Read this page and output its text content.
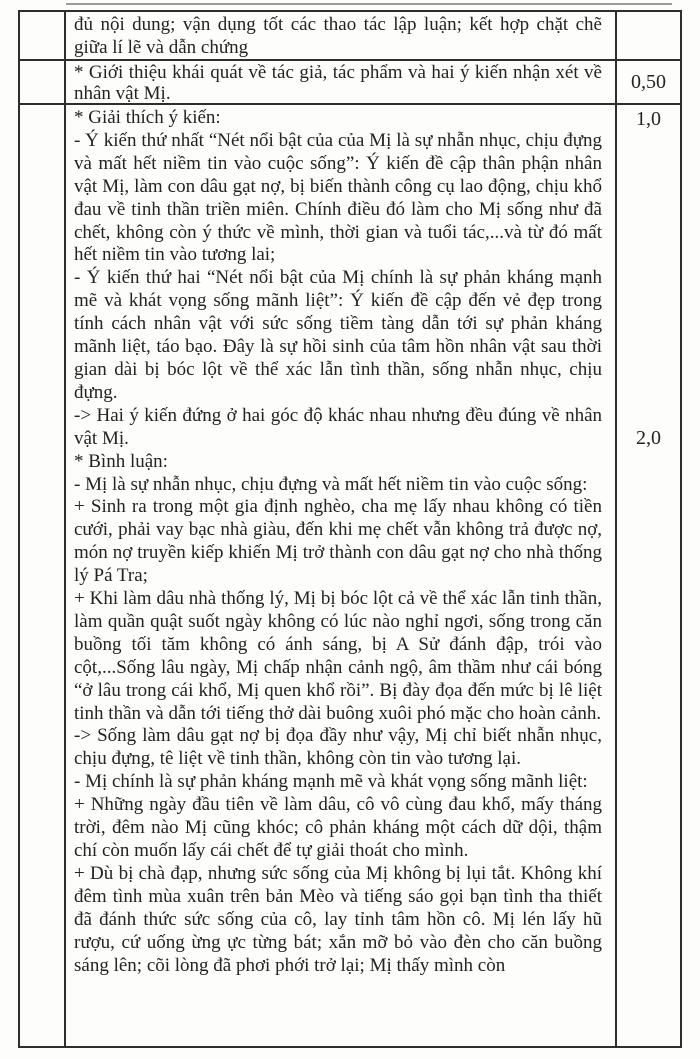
đủ nội dung; vận dụng tốt các thao tác lập luận; kết hợp chặt chẽ giữa lí lẽ và dẫn chứng

* Giới thiệu khái quát về tác giả, tác phẩm và hai ý kiến nhận xét về nhân vật Mị.

0,50

* Giải thích ý kiến:

- Ý kiến thứ nhất “Nét nổi bật của của Mị là sự nhẫn nhục, chịu đựng và mất hết niềm tin vào cuộc sống”: Ý kiến đề cập thân phận nhân vật Mị, làm con dâu gạt nợ, bị biến thành công cụ lao động, chịu khổ đau về tinh thần triền miên. Chính điều đó làm cho Mị sống như đã chết, không còn ý thức về mình, thời gian và tuổi tác,...và từ đó mất hết niềm tin vào tương lai;

- Ý kiến thứ hai “Nét nổi bật của Mị chính là sự phản kháng mạnh mẽ và khát vọng sống mãnh liệt”: Ý kiến đề cập đến vẻ đẹp trong tính cách nhân vật với sức sống tiềm tàng dẫn tới sự phản kháng mãnh liệt, táo bạo. Đây là sự hồi sinh của tâm hồn nhân vật sau thời gian dài bị bóc lột về thể xác lẫn tình thần, sống nhẫn nhục, chịu đựng.

-> Hai ý kiến đứng ở hai góc độ khác nhau nhưng đều đúng về nhân vật Mị.

* Bình luận:

- Mị là sự nhẫn nhục, chịu đựng và mất hết niềm tin vào cuộc sống:

+ Sinh ra trong một gia định nghèo, cha mẹ lấy nhau không có tiền cưới, phải vay bạc nhà giàu, đến khi mẹ chết vẫn không trả được nợ, món nợ truyền kiếp khiến Mị trở thành con dâu gạt nợ cho nhà thống lý Pá Tra;

+ Khi làm dâu nhà thống lý, Mị bị bóc lột cả về thể xác lẫn tinh thần, làm quần quật suốt ngày không có lúc nào nghỉ ngơi, sống trong căn buồng tối tăm không có ánh sáng, bị A Sử đánh đập, trói vào cột,...Sống lâu ngày, Mị chấp nhận cảnh ngộ, âm thầm như cái bóng “ở lâu trong cái khổ, Mị quen khổ rồi”. Bị đày đọa đến mức bị lê liệt tinh thần và dẫn tới tiếng thở dài buông xuôi phó mặc cho hoàn cảnh.

-> Sống làm dâu gạt nợ bị đọa đầy như vậy, Mị chỉ biết nhẫn nhục, chịu đựng, tê liệt về tinh thần, không còn tin vào tương lại.

- Mị chính là sự phản kháng mạnh mẽ và khát vọng sống mãnh liệt:

+ Những ngày đầu tiên về làm dâu, cô vô cùng đau khổ, mấy tháng trời, đêm nào Mị cũng khóc; cô phản kháng một cách dữ dội, thậm chí còn muốn lấy cái chết để tự giải thoát cho mình.

+ Dù bị chà đạp, nhưng sức sống của Mị không bị lụi tắt. Không khí đêm tình mùa xuân trên bản Mèo và tiếng sáo gọi bạn tình tha thiết đã đánh thức sức sống của cô, lay tỉnh tâm hồn cô. Mị lén lấy hũ rượu, cứ uống ừng ực từng bát; xắn mỡ bỏ vào đèn cho căn buồng sáng lên; cõi lòng đã phơi phới trở lại; Mị thấy mình còn

1,0
2,0
